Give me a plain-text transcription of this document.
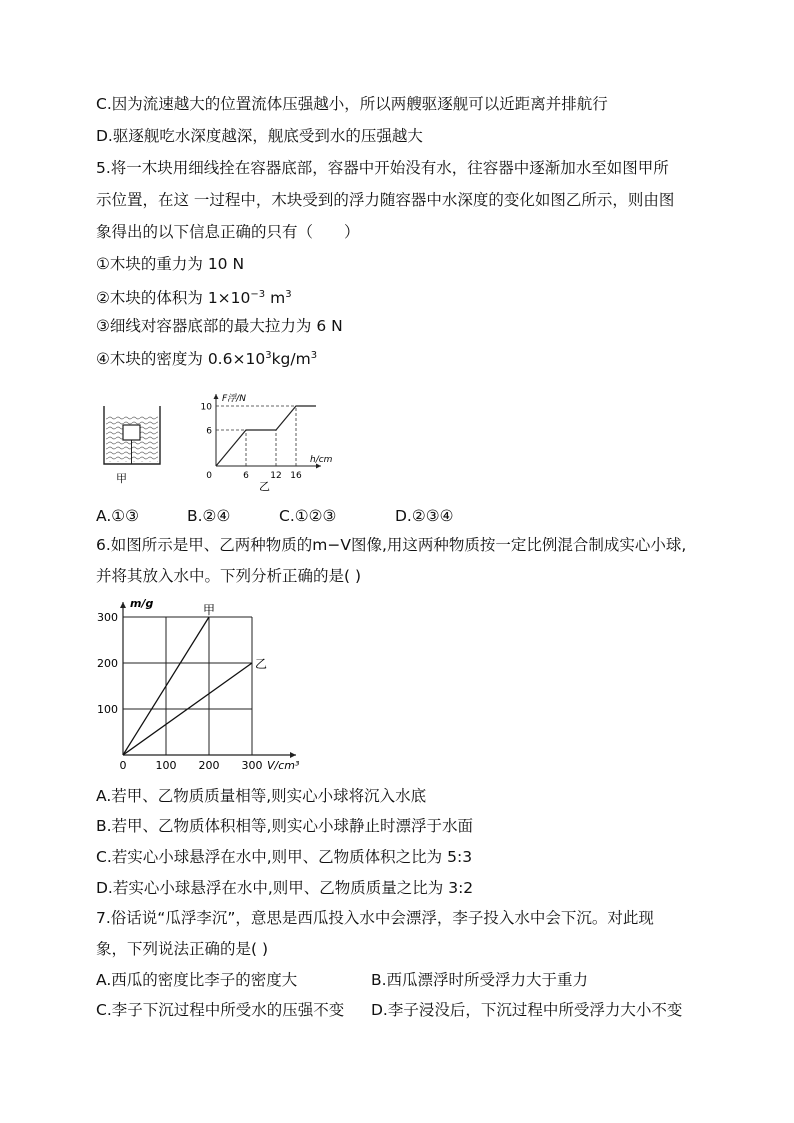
C.因为流速越大的位置流体压强越小，所以两艘驱逐舰可以近距离并排航行
D.驱逐舰吃水深度越深，舰底受到水的压强越大
5.将一木块用细线拴在容器底部，容器中开始没有水，往容器中逐渐加水至如图甲所
示位置，在这 一过程中，木块受到的浮力随容器中水深度的变化如图乙所示，则由图
象得出的以下信息正确的只有（　　）
①木块的重力为 10 N
②木块的体积为 $1\times 10^{-3}$ $m^3$
③细线对容器底部的最大拉力为 6 N
④木块的密度为 $0.6\times 10^3kg/m^3$
甲
F浮/N
h/cm
6
10
0	6 12 16
乙
A.①③	B.②④	C.①②③	D.②③④
6.如图所示是甲、乙两种物质的m−V图像,用这两种物质按一定比例混合制成实心小球,
并将其放入水中。下列分析正确的是( )
m/g
V/cm³
0	100 200 300
100
200
300
甲
乙
A.若甲、乙物质质量相等,则实心小球将沉入水底
B.若甲、乙物质体积相等,则实心小球静止时漂浮于水面
C.若实心小球悬浮在水中,则甲、乙物质体积之比为 5:3
D.若实心小球悬浮在水中,则甲、乙物质质量之比为 3:2
7.俗话说“瓜浮李沉”，意思是西瓜投入水中会漂浮，李子投入水中会下沉。对此现
象，下列说法正确的是( )
A.西瓜的密度比李子的密度大	B.西瓜漂浮时所受浮力大于重力
C.李子下沉过程中所受水的压强不变 D.李子浸没后，下沉过程中所受浮力大小不变
